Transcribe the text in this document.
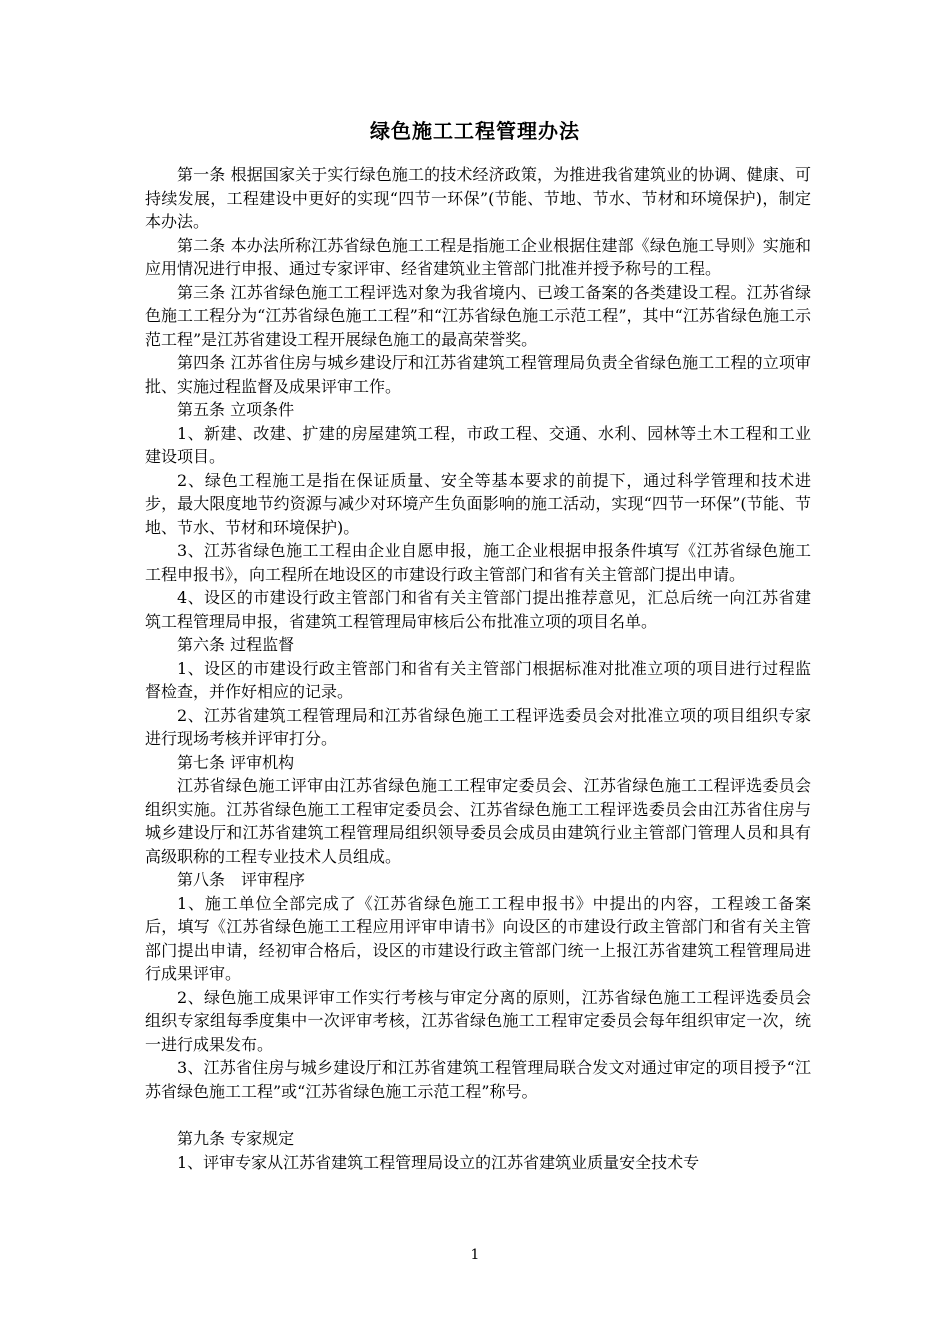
绿色施工工程管理办法

第一条 根据国家关于实行绿色施工的技术经济政策，为推进我省建筑业的协调、健康、可持续发展，工程建设中更好的实现“四节一环保”(节能、节地、节水、节材和环境保护)，制定本办法。

第二条 本办法所称江苏省绿色施工工程是指施工企业根据住建部《绿色施工导则》实施和应用情况进行申报、通过专家评审、经省建筑业主管部门批准并授予称号的工程。

第三条 江苏省绿色施工工程评选对象为我省境内、已竣工备案的各类建设工程。江苏省绿色施工工程分为“江苏省绿色施工工程”和“江苏省绿色施工示范工程”，其中“江苏省绿色施工示范工程”是江苏省建设工程开展绿色施工的最高荣誉奖。

第四条 江苏省住房与城乡建设厅和江苏省建筑工程管理局负责全省绿色施工工程的立项审批、实施过程监督及成果评审工作。

第五条 立项条件

1、新建、改建、扩建的房屋建筑工程，市政工程、交通、水利、园林等土木工程和工业建设项目。

2、绿色工程施工是指在保证质量、安全等基本要求的前提下，通过科学管理和技术进步，最大限度地节约资源与减少对环境产生负面影响的施工活动，实现“四节一环保”(节能、节地、节水、节材和环境保护)。

3、江苏省绿色施工工程由企业自愿申报，施工企业根据申报条件填写《江苏省绿色施工工程申报书》，向工程所在地设区的市建设行政主管部门和省有关主管部门提出申请。

4、设区的市建设行政主管部门和省有关主管部门提出推荐意见，汇总后统一向江苏省建筑工程管理局申报，省建筑工程管理局审核后公布批准立项的项目名单。

第六条 过程监督

1、设区的市建设行政主管部门和省有关主管部门根据标准对批准立项的项目进行过程监督检查，并作好相应的记录。

2、江苏省建筑工程管理局和江苏省绿色施工工程评选委员会对批准立项的项目组织专家进行现场考核并评审打分。

第七条 评审机构

江苏省绿色施工评审由江苏省绿色施工工程审定委员会、江苏省绿色施工工程评选委员会组织实施。江苏省绿色施工工程审定委员会、江苏省绿色施工工程评选委员会由江苏省住房与城乡建设厅和江苏省建筑工程管理局组织领导委员会成员由建筑行业主管部门管理人员和具有高级职称的工程专业技术人员组成。

第八条　评审程序

1、施工单位全部完成了《江苏省绿色施工工程申报书》中提出的内容，工程竣工备案后，填写《江苏省绿色施工工程应用评审申请书》向设区的市建设行政主管部门和省有关主管部门提出申请，经初审合格后，设区的市建设行政主管部门统一上报江苏省建筑工程管理局进行成果评审。

2、绿色施工成果评审工作实行考核与审定分离的原则，江苏省绿色施工工程评选委员会组织专家组每季度集中一次评审考核，江苏省绿色施工工程审定委员会每年组织审定一次，统一进行成果发布。

3、江苏省住房与城乡建设厅和江苏省建筑工程管理局联合发文对通过审定的项目授予“江苏省绿色施工工程”或“江苏省绿色施工示范工程”称号。

第九条 专家规定

1、评审专家从江苏省建筑工程管理局设立的江苏省建筑业质量安全技术专

1
